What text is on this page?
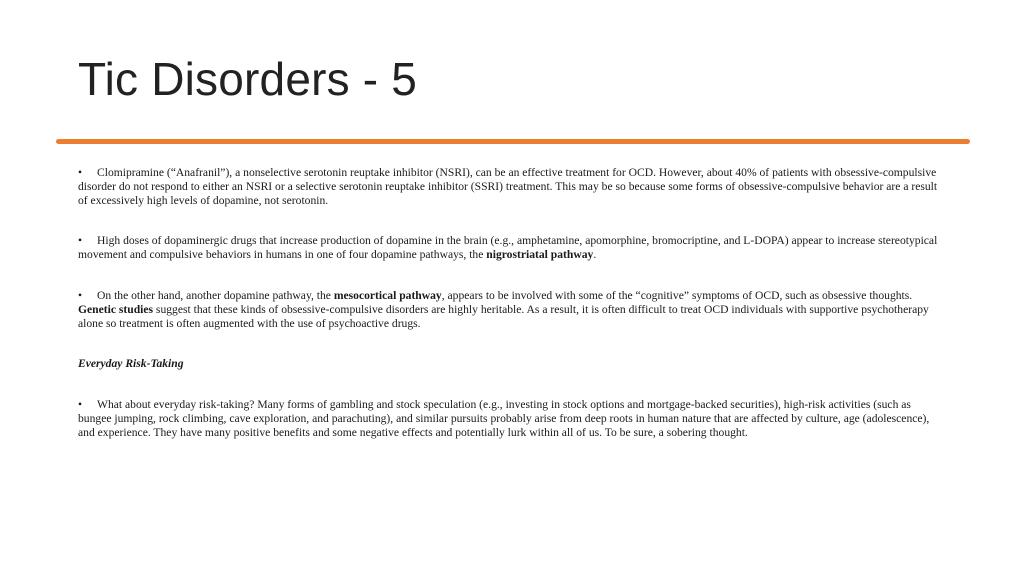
Tic Disorders - 5

• Clomipramine (“Anafranil”), a nonselective serotonin reuptake inhibitor (NSRI), can be an effective treatment for OCD. However, about 40% of patients with obsessive-compulsive disorder do not respond to either an NSRI or a selective serotonin reuptake inhibitor (SSRI) treatment. This may be so because some forms of obsessive-compulsive behavior are a result of excessively high levels of dopamine, not serotonin.

• High doses of dopaminergic drugs that increase production of dopamine in the brain (e.g., amphetamine, apomorphine, bromocriptine, and L-DOPA) appear to increase stereotypical movement and compulsive behaviors in humans in one of four dopamine pathways, the nigrostriatal pathway.

• On the other hand, another dopamine pathway, the mesocortical pathway, appears to be involved with some of the “cognitive” symptoms of OCD, such as obsessive thoughts. Genetic studies suggest that these kinds of obsessive-compulsive disorders are highly heritable. As a result, it is often difficult to treat OCD individuals with supportive psychotherapy alone so treatment is often augmented with the use of psychoactive drugs.

Everyday Risk-Taking

• What about everyday risk-taking? Many forms of gambling and stock speculation (e.g., investing in stock options and mortgage-backed securities), high-risk activities (such as bungee jumping, rock climbing, cave exploration, and parachuting), and similar pursuits probably arise from deep roots in human nature that are affected by culture, age (adolescence), and experience. They have many positive benefits and some negative effects and potentially lurk within all of us. To be sure, a sobering thought.
